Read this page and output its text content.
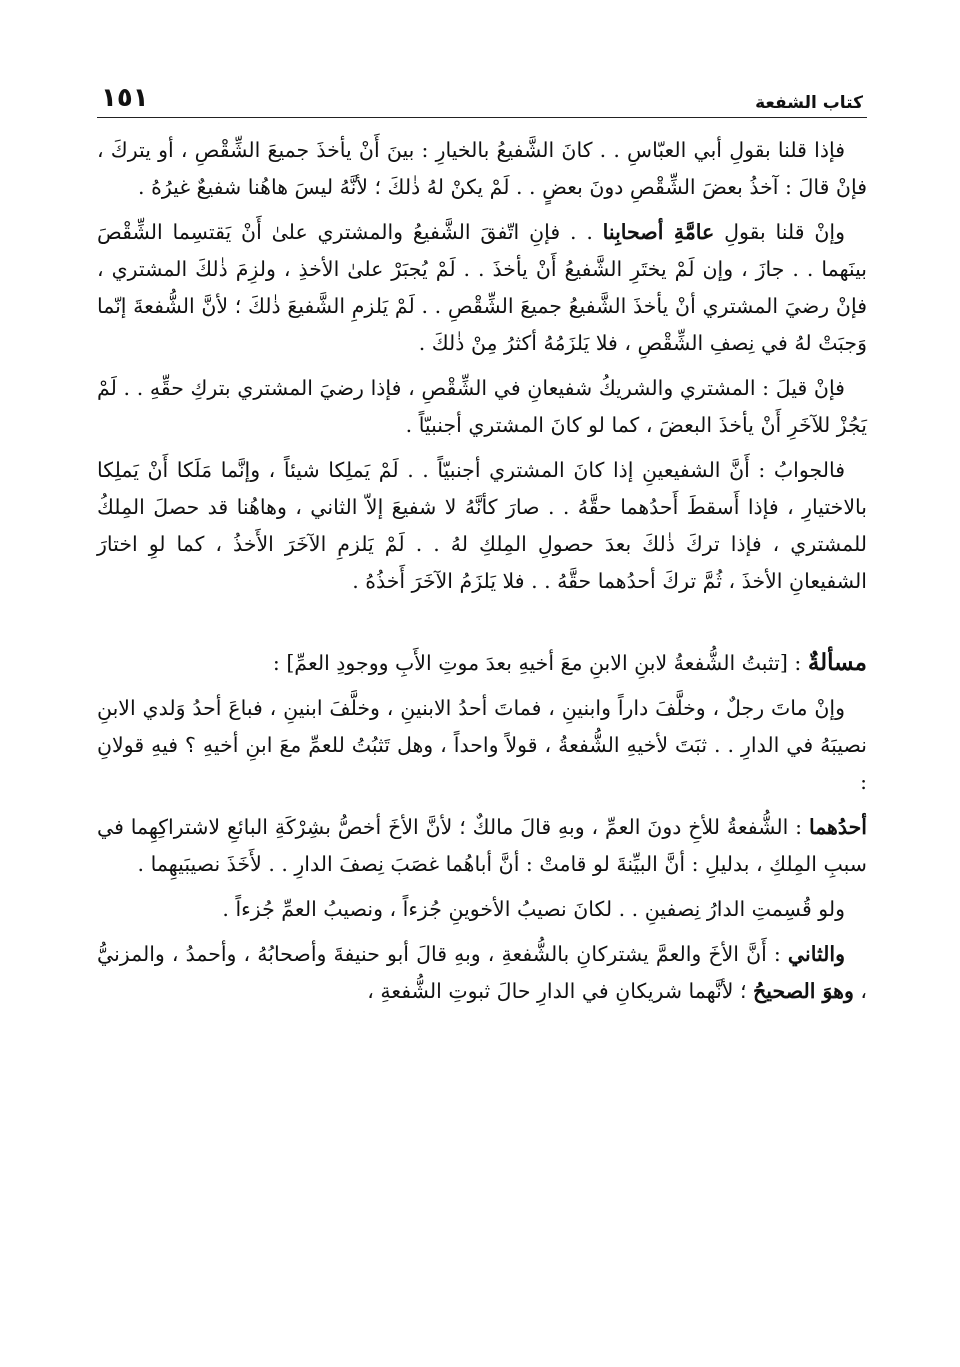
كتاب الشفعة
١٥١

فإذا قلنا بقولِ أبي العبّاسِ . . كانَ الشَّفيعُ بالخيارِ : بينَ أَنْ يأخذَ جميعَ الشِّقْصِ ، أو يتركَ ، فإنْ قالَ : آخذُ بعضَ الشِّقْصِ دونَ بعضٍ . . لَمْ يكنْ لهُ ذٰلكَ ؛ لأنَّهُ ليسَ هاهُنا شفيعٌ غيرُهُ .

وإنْ قلنا بقولِ عامَّةِ أصحابِنا . . فإنِ اتّفقَ الشَّفيعُ والمشتري علىٰ أَنْ يَقتسِما الشِّقْصَ بينَهما . . جازَ ، وإن لَمْ يختَرِ الشَّفيعُ أَنْ يأخذَ . . لَمْ يُجبَرْ علىٰ الأخذِ ، ولزِمَ ذٰلكَ المشتري ، فإنْ رضيَ المشتري أنْ يأخذَ الشَّفيعُ جميعَ الشِّقْصِ . . لَمْ يَلزمِ الشَّفيعَ ذٰلكَ ؛ لأنَّ الشُّفعةَ إنّما وَجبَتْ لهُ في نِصفِ الشِّقْصِ ، فلا يَلزَمُهُ أكثرُ مِنْ ذٰلكَ .

فإنْ قيلَ : المشتري والشريكُ شفيعانِ في الشِّقْصِ ، فإذا رضيَ المشتري بتركِ حقِّهِ . . لَمْ يَجُزْ للآخَرِ أَنْ يأخذَ البعضَ ، كما لو كانَ المشتري أجنبيّاً .

فالجوابُ : أَنَّ الشفيعينِ إذا كانَ المشتري أجنبيّاً . . لَمْ يَملِكا شيئاً ، وإنَّما مَلَكا أَنْ يَملِكا بالاختيارِ ، فإذا أَسقطَ أَحدُهما حقَّهُ . . صارَ كأنَّهُ لا شفيعَ إلاّ الثاني ، وهاهُنا قد حصلَ المِلكُ للمشتري ، فإذا تركَ ذٰلكَ بعدَ حصولِ المِلكِ لهُ . . لَمْ يَلزمِ الآخَرَ الأَخذُ ، كما لوِ اختارَ الشفيعانِ الأخذَ ، ثُمَّ تركَ أحدُهما حقَّهُ . . فلا يَلزَمُ الآخَرَ أَخذُهُ .

مسألةٌ : [تثبتُ الشُّفعةُ لابنِ الابنِ معَ أخيهِ بعدَ موتِ الأَبِ ووجودِ العمِّ] :

وإنْ ماتَ رجلٌ ، وخلَّفَ داراً وابنينِ ، فماتَ أحدُ الابنينِ ، وخلَّفَ ابنينِ ، فباعَ أحدُ وَلدي الابنِ نصيبَهُ في الدارِ . . ثبَتَ لأخيهِ الشُّفعةُ ، قولاً واحداً ، وهل تَثبُتُ للعمِّ معَ ابنِ أخيهِ ؟ فيهِ قولانِ :

أحدُهما : الشُّفعةُ للأخِ دونَ العمِّ ، وبهِ قالَ مالكٌ ؛ لأنَّ الأخَ أخصُّ بشِرْكَةِ البائعِ لاشتراكِهِما في سببِ المِلكِ ، بدليلِ : أنَّ البيِّنةَ لو قامتْ : أنَّ أباهُما غصَبَ نِصفَ الدارِ . . لأَخَذَ نصيبَيهِما .

ولو قُسِمتِ الدارُ نِصفينِ . . لكانَ نصيبُ الأخوينِ جُزءاً ، ونصيبُ العمِّ جُزءاً .

والثاني : أَنَّ الأخَ والعمَّ يشتركانِ بالشُّفعةِ ، وبهِ قالَ أبو حنيفةَ وأصحابُهُ ، وأحمدُ ، والمزنيُّ ، وهوَ الصحيحُ ؛ لأنَّهما شريكانِ في الدارِ حالَ ثبوتِ الشُّفعةِ ،
